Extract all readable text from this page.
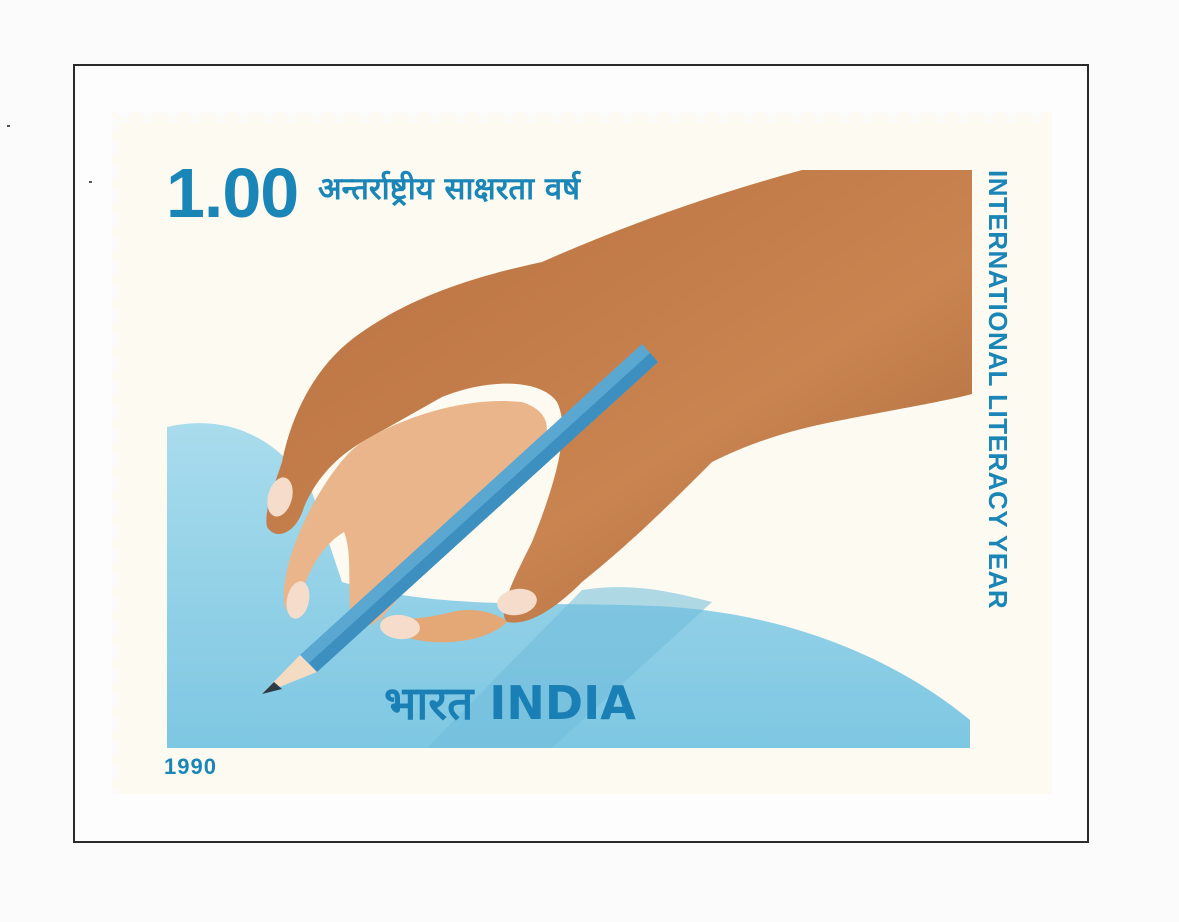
1.00 अन्तर्राष्ट्रीय साक्षरता वर्ष
भारत INDIA
1990
INTERNATIONAL LITERACY YEAR
